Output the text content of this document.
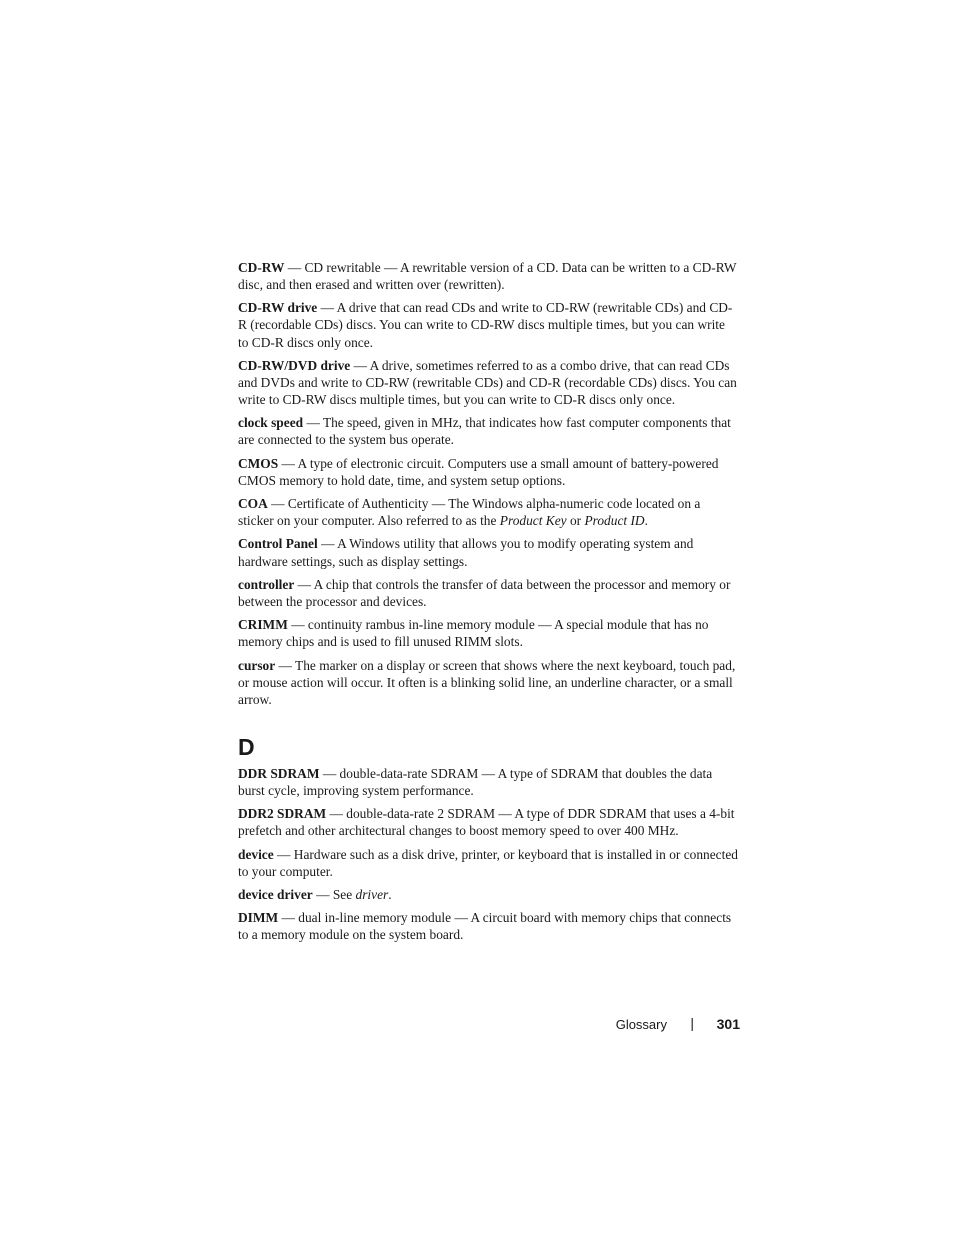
CD-RW — CD rewritable — A rewritable version of a CD. Data can be written to a CD-RW disc, and then erased and written over (rewritten).

CD-RW drive — A drive that can read CDs and write to CD-RW (rewritable CDs) and CD-R (recordable CDs) discs. You can write to CD-RW discs multiple times, but you can write to CD-R discs only once.

CD-RW/DVD drive — A drive, sometimes referred to as a combo drive, that can read CDs and DVDs and write to CD-RW (rewritable CDs) and CD-R (recordable CDs) discs. You can write to CD-RW discs multiple times, but you can write to CD-R discs only once.

clock speed — The speed, given in MHz, that indicates how fast computer components that are connected to the system bus operate.

CMOS — A type of electronic circuit. Computers use a small amount of battery-powered CMOS memory to hold date, time, and system setup options.

COA — Certificate of Authenticity — The Windows alpha-numeric code located on a sticker on your computer. Also referred to as the Product Key or Product ID.

Control Panel — A Windows utility that allows you to modify operating system and hardware settings, such as display settings.

controller — A chip that controls the transfer of data between the processor and memory or between the processor and devices.

CRIMM — continuity rambus in-line memory module — A special module that has no memory chips and is used to fill unused RIMM slots.

cursor — The marker on a display or screen that shows where the next keyboard, touch pad, or mouse action will occur. It often is a blinking solid line, an underline character, or a small arrow.

D

DDR SDRAM — double-data-rate SDRAM — A type of SDRAM that doubles the data burst cycle, improving system performance.

DDR2 SDRAM — double-data-rate 2 SDRAM — A type of DDR SDRAM that uses a 4-bit prefetch and other architectural changes to boost memory speed to over 400 MHz.

device — Hardware such as a disk drive, printer, or keyboard that is installed in or connected to your computer.

device driver — See driver.

DIMM — dual in-line memory module — A circuit board with memory chips that connects to a memory module on the system board.

Glossary | 301
